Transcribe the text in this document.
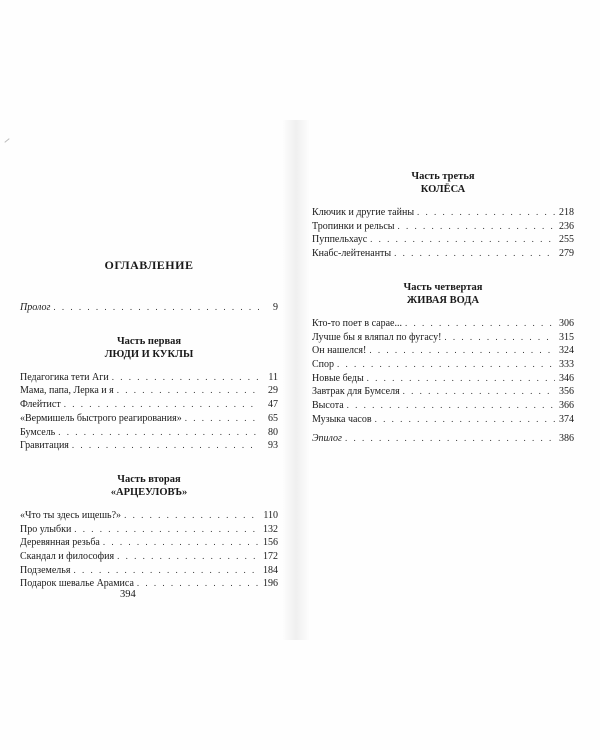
ОГЛАВЛЕНИЕ
Пролог . . .	9
Часть первая
ЛЮДИ И КУКЛЫ
Педагогика тети Аги . . .	11
Мама, папа, Лерка и я . . .	29
Флейтист . . .	47
«Вермишель быстрого реагирования» . . .	65
Бумсель . . .	80
Гравитация . . .	93
Часть вторая
«АРЦЕУЛОВЪ»
«Что ты здесь ищешь?» . . .	110
Про улыбки . . .	132
Деревянная резьба . . .	156
Скандал и философия . . .	172
Подземелья . . .	184
Подарок шевалье Арамиса . . .	196
394
Часть третья
КОЛЁСА
Ключик и другие тайны . . .	218
Тропинки и рельсы . . .	236
Пуппельхаус . . .	255
Кнабс-лейтенанты . . .	279
Часть четвертая
ЖИВАЯ ВОДА
Кто-то поет в сарае... . . .	306
Лучше бы я вляпал по фугасу! . . .	315
Он нашелся! . . .	324
Спор . . .	333
Новые беды . . .	346
Завтрак для Бумселя . . .	356
Высота . . .	366
Музыка часов . . .	374
Эпилог . . .	386
